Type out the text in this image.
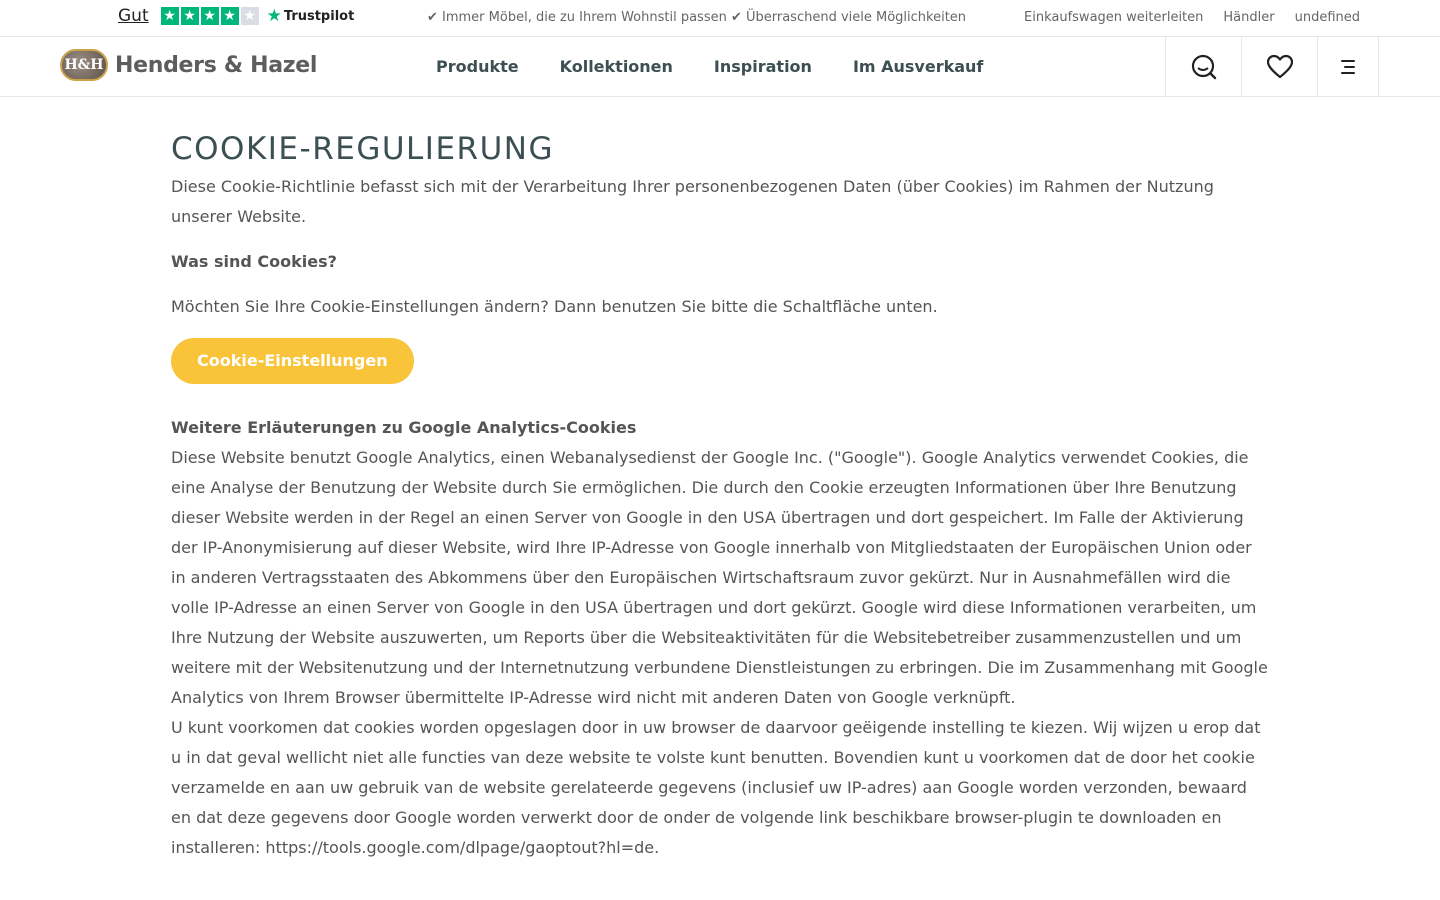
Gut ★ ★ ★ ★ ★ ★ Trustpilot	✔ Immer Möbel, die zu Ihrem Wohnstil passen ✔ Überraschend viele Möglichkeiten	Einkaufswagen weiterleiten Händler undefined
H&H Henders & Hazel	Produkte	Kollektionen	Inspiration	Im Ausverkauf
COOKIE-REGULIERUNG

Diese Cookie-Richtlinie befasst sich mit der Verarbeitung Ihrer personenbezogenen Daten (über Cookies) im Rahmen der Nutzung unserer Website.

Was sind Cookies?

Möchten Sie Ihre Cookie-Einstellungen ändern? Dann benutzen Sie bitte die Schaltfläche unten.

Cookie-Einstellungen
Weitere Erläuterungen zu Google Analytics-Cookies

Diese Website benutzt Google Analytics, einen Webanalysedienst der Google Inc. ("Google"). Google Analytics verwendet Cookies, die eine Analyse der Benutzung der Website durch Sie ermöglichen. Die durch den Cookie erzeugten Informationen über Ihre Benutzung dieser Website werden in der Regel an einen Server von Google in den USA übertragen und dort gespeichert. Im Falle der Aktivierung der IP-Anonymisierung auf dieser Website, wird Ihre IP-Adresse von Google innerhalb von Mitgliedstaaten der Europäischen Union oder in anderen Vertragsstaaten des Abkommens über den Europäischen Wirtschaftsraum zuvor gekürzt. Nur in Ausnahmefällen wird die volle IP-Adresse an einen Server von Google in den USA übertragen und dort gekürzt. Google wird diese Informationen verarbeiten, um Ihre Nutzung der Website auszuwerten, um Reports über die Websiteaktivitäten für die Websitebetreiber zusammenzustellen und um weitere mit der Websitenutzung und der Internetnutzung verbundene Dienstleistungen zu erbringen. Die im Zusammenhang mit Google Analytics von Ihrem Browser übermittelte IP-Adresse wird nicht mit anderen Daten von Google verknüpft.

U kunt voorkomen dat cookies worden opgeslagen door in uw browser de daarvoor geëigende instelling te kiezen. Wij wijzen u erop dat u in dat geval wellicht niet alle functies van deze website te volste kunt benutten. Bovendien kunt u voorkomen dat de door het cookie verzamelde en aan uw gebruik van de website gerelateerde gegevens (inclusief uw IP-adres) aan Google worden verzonden, bewaard en dat deze gegevens door Google worden verwerkt door de onder de volgende link beschikbare browser-plugin te downloaden en installeren: https://tools.google.com/dlpage/gaoptout?hl=de.
